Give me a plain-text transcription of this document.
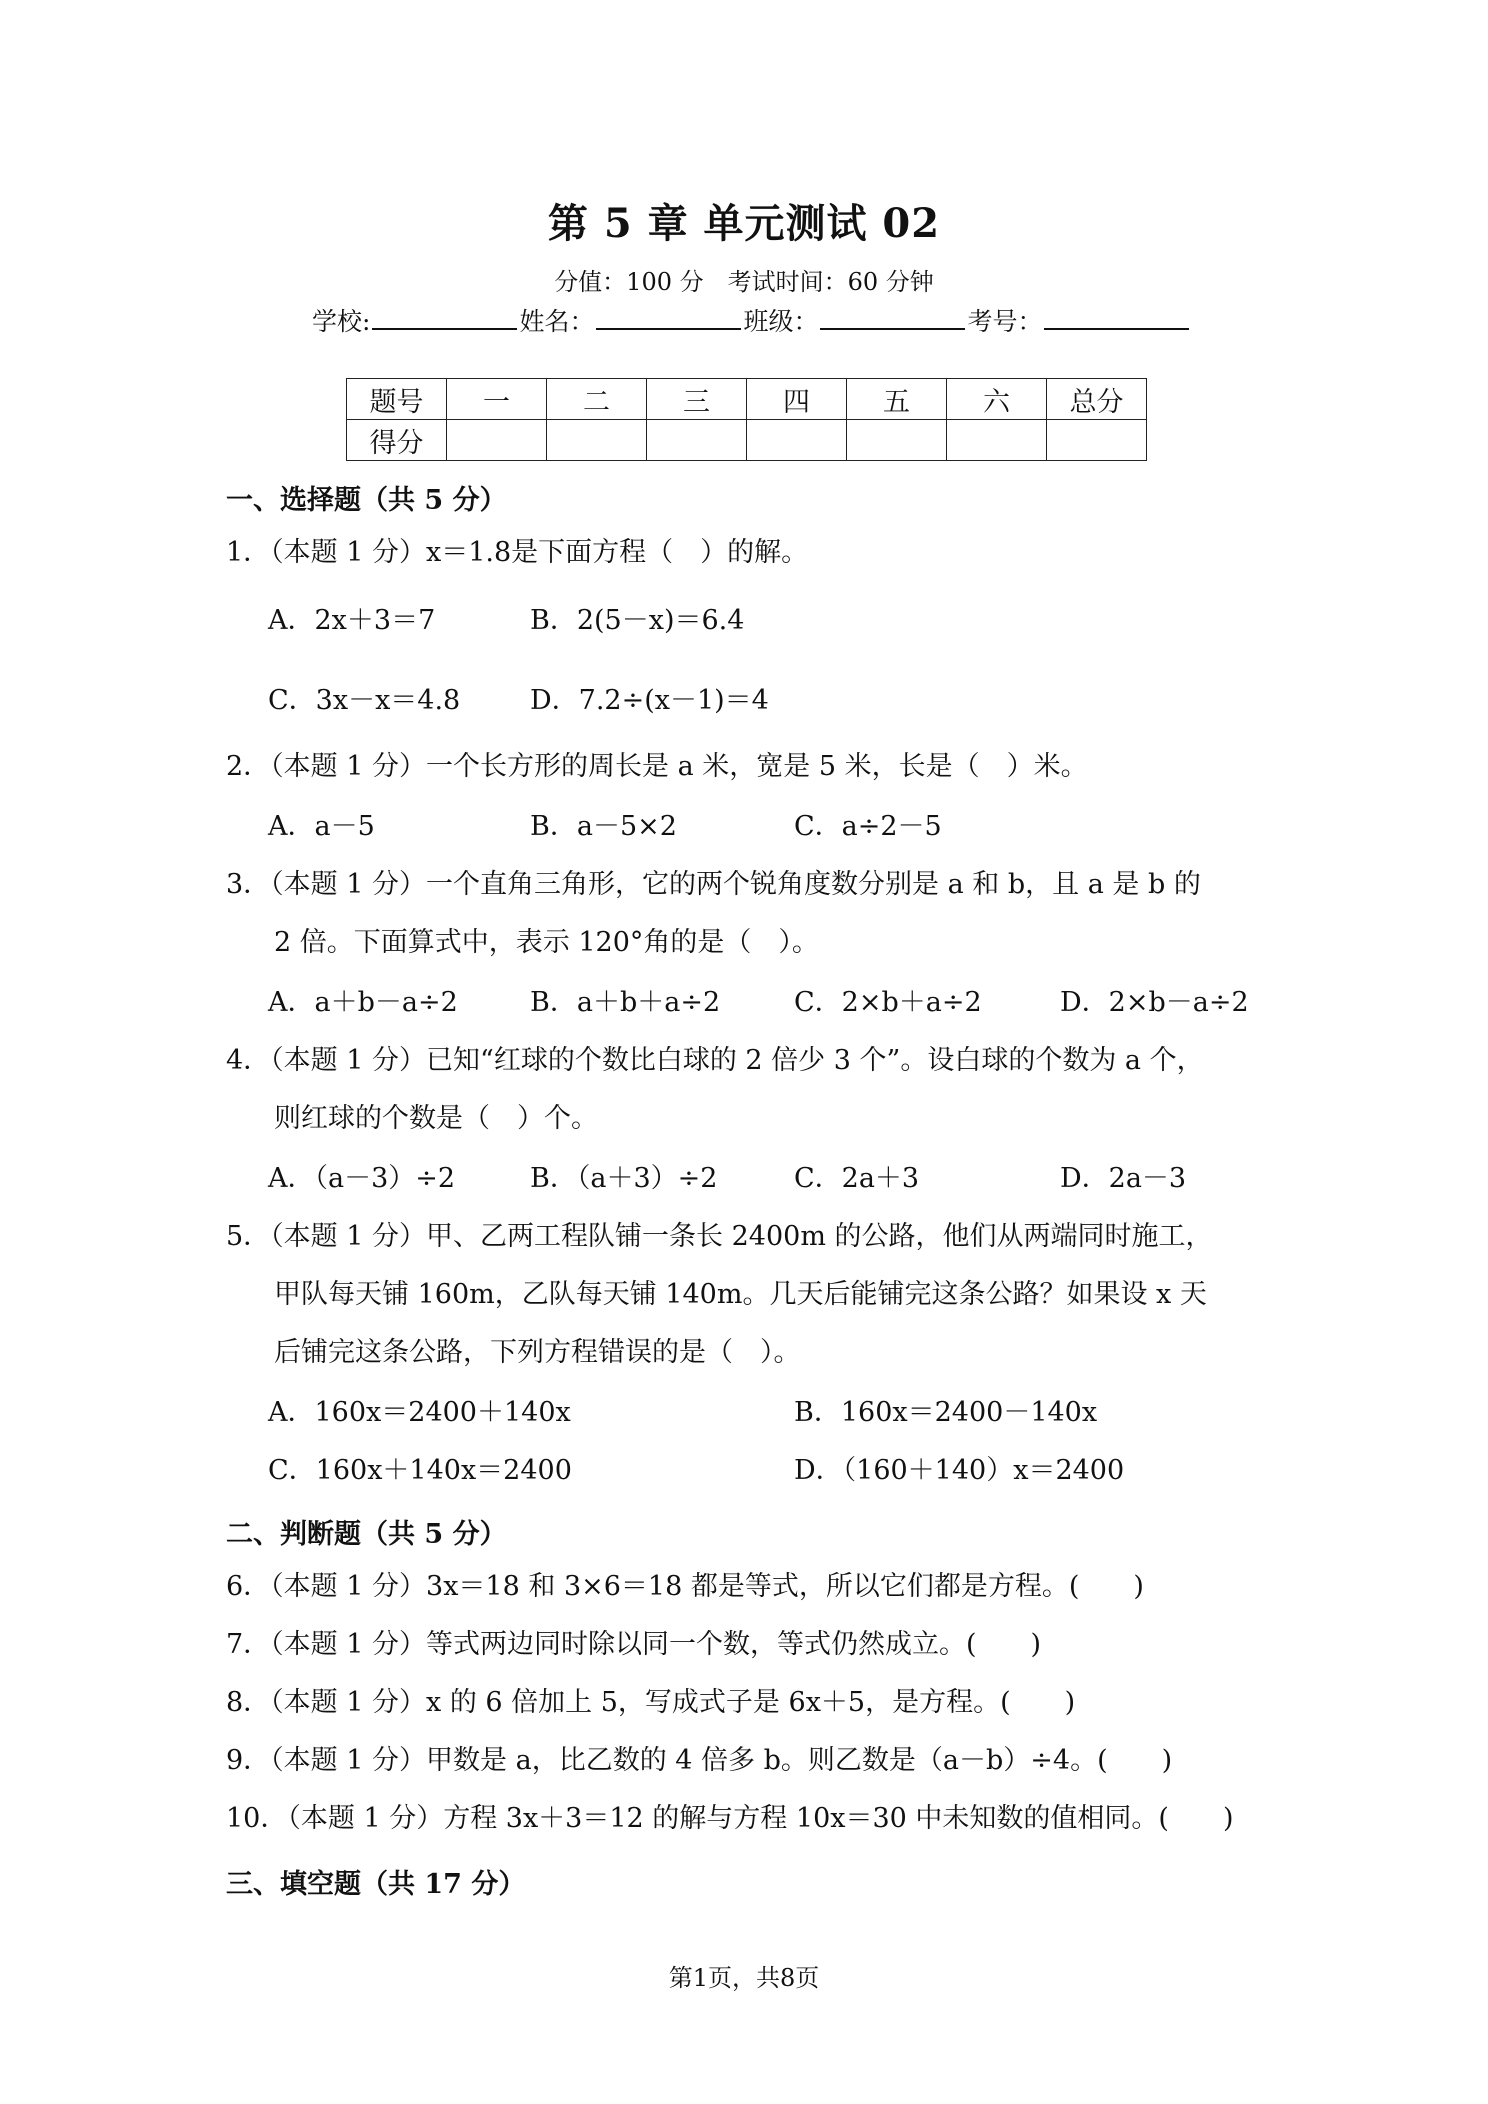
第 5 章 单元测试 02
分值：100 分　考试时间：60 分钟
学校:	姓名：	班级：	考号：
题号	一	二	三	四	五	六	总分
得分							
一、选择题（共 5 分）
1．（本题 1 分）x＝1.8是下面方程（　）的解。
A．2x＋3＝7	B．2(5－x)＝6.4
C．3x－x＝4.8	D．7.2÷(x－1)＝4
2．（本题 1 分）一个长方形的周长是 a 米，宽是 5 米，长是（　）米。
A．a－5	B．a－5×2	C．a÷2－5
3．（本题 1 分）一个直角三角形，它的两个锐角度数分别是 a 和 b，且 a 是 b 的
2 倍。下面算式中，表示 120°角的是（　）。
A．a＋b－a÷2	B．a＋b＋a÷2	C．2×b＋a÷2	D．2×b－a÷2
4．（本题 1 分）已知“红球的个数比白球的 2 倍少 3 个”。设白球的个数为 a 个，
则红球的个数是（　）个。
A．（a－3）÷2	B．（a＋3）÷2	C．2a＋3	D．2a－3
5．（本题 1 分）甲、乙两工程队铺一条长 2400m 的公路，他们从两端同时施工，
甲队每天铺 160m，乙队每天铺 140m。几天后能铺完这条公路？如果设 x 天
后铺完这条公路，下列方程错误的是（　）。
A．160x＝2400＋140x	B．160x＝2400－140x
C．160x＋140x＝2400	D．（160＋140）x＝2400
二、判断题（共 5 分）
6．（本题 1 分）3x＝18 和 3×6＝18 都是等式，所以它们都是方程。(　　)
7．（本题 1 分）等式两边同时除以同一个数，等式仍然成立。(　　)
8．（本题 1 分）x 的 6 倍加上 5，写成式子是 6x＋5，是方程。(　　)
9．（本题 1 分）甲数是 a，比乙数的 4 倍多 b。则乙数是（a－b）÷4。(　　)
10．（本题 1 分）方程 3x＋3＝12 的解与方程 10x＝30 中未知数的值相同。(　　)
三、填空题（共 17 分）
第1页，共8页
